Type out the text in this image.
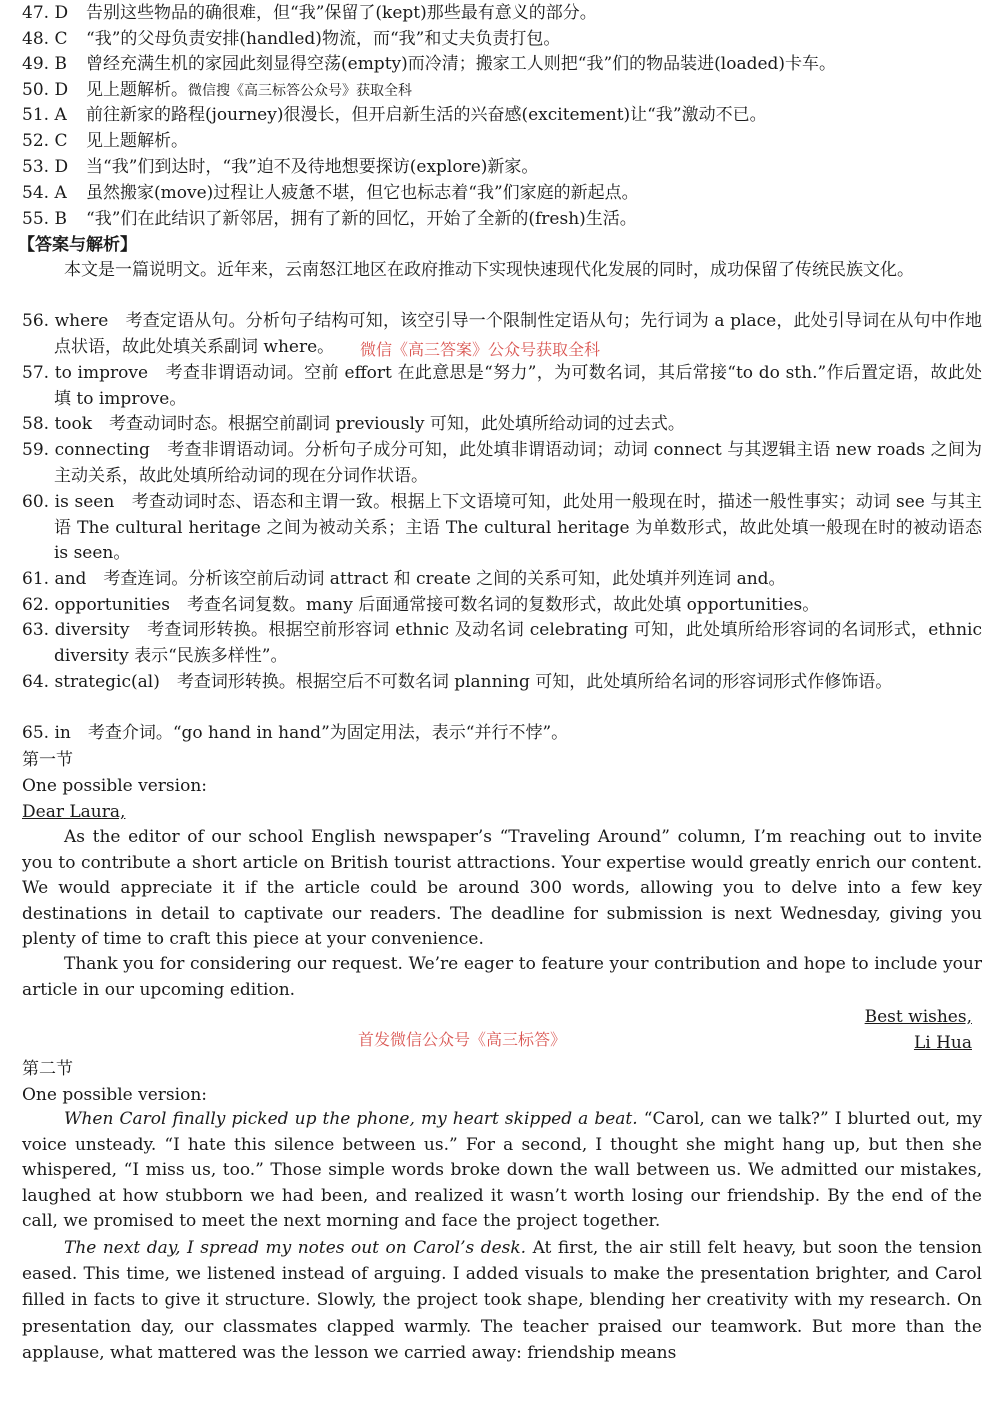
47. D 告别这些物品的确很难，但“我”保留了(kept)那些最有意义的部分。
48. C “我”的父母负责安排(handled)物流，而“我”和丈夫负责打包。
49. B 曾经充满生机的家园此刻显得空荡(empty)而冷清；搬家工人则把“我”们的物品装进(loaded)卡车。
50. D 见上题解析。微信搜《高三标答公众号》获取全科
51. A 前往新家的路程(journey)很漫长，但开启新生活的兴奋感(excitement)让“我”激动不已。
52. C 见上题解析。
53. D 当“我”们到达时，“我”迫不及待地想要探访(explore)新家。
54. A 虽然搬家(move)过程让人疲惫不堪，但它也标志着“我”们家庭的新起点。
55. B “我”们在此结识了新邻居，拥有了新的回忆，开始了全新的(fresh)生活。
【答案与解析】
本文是一篇说明文。近年来，云南怒江地区在政府推动下实现快速现代化发展的同时，成功保留了传统民族文化。
56. where　 考查定语从句。分析句子结构可知，该空引导一个限制性定语从句；先行词为 a place，此处引导词在从句中作地点状语，故此处填关系副词 where。	微信《高三答案》公众号获取全科
57. to improve　 考查非谓语动词。空前 effort 在此意思是“努力”，为可数名词，其后常接“to do sth.”作后置定语，故此处填 to improve。
58. took　 考查动词时态。根据空前副词 previously 可知，此处填所给动词的过去式。
59. connecting　 考查非谓语动词。分析句子成分可知，此处填非谓语动词；动词 connect 与其逻辑主语 new roads 之间为主动关系，故此处填所给动词的现在分词作状语。
60. is seen　 考查动词时态、语态和主谓一致。根据上下文语境可知，此处用一般现在时，描述一般性事实；动词 see 与其主语 The cultural heritage 之间为被动关系；主语 The cultural heritage 为单数形式，故此处填一般现在时的被动语态 is seen。
61. and　 考查连词。分析该空前后动词 attract 和 create 之间的关系可知，此处填并列连词 and。
62. opportunities　 考查名词复数。many 后面通常接可数名词的复数形式，故此处填 opportunities。
63. diversity　 考查词形转换。根据空前形容词 ethnic 及动名词 celebrating 可知，此处填所给形容词的名词形式，ethnic diversity 表示“民族多样性”。
64. strategic(al)　 考查词形转换。根据空后不可数名词 planning 可知，此处填所给名词的形容词形式作修饰语。
65. in　 考查介词。“go hand in hand”为固定用法，表示“并行不悖”。
第一节
One possible version:
Dear Laura,
As the editor of our school English newspaper’s “Traveling Around” column, I’m reaching out to invite you to contribute a short article on British tourist attractions. Your expertise would greatly enrich our content. We would appreciate it if the article could be around 300 words, allowing you to delve into a few key destinations in detail to captivate our readers. The deadline for submission is next Wednesday, giving you plenty of time to craft this piece at your convenience.
Thank you for considering our request. We’re eager to feature your contribution and hope to include your article in our upcoming edition.
Best wishes,
首发微信公众号《高三标答》	Li Hua
第二节
One possible version:
When Carol finally picked up the phone, my heart skipped a beat. “Carol, can we talk?” I blurted out, my voice unsteady. “I hate this silence between us.” For a second, I thought she might hang up, but then she whispered, “I miss us, too.” Those simple words broke down the wall between us. We admitted our mistakes, laughed at how stubborn we had been, and realized it wasn’t worth losing our friendship. By the end of the call, we promised to meet the next morning and face the project together.
The next day, I spread my notes out on Carol’s desk. At first, the air still felt heavy, but soon the tension eased. This time, we listened instead of arguing. I added visuals to make the presentation brighter, and Carol filled in facts to give it structure. Slowly, the project took shape, blending her creativity with my research. On presentation day, our classmates clapped warmly. The teacher praised our teamwork. But more than the applause, what mattered was the lesson we carried away: friendship means
